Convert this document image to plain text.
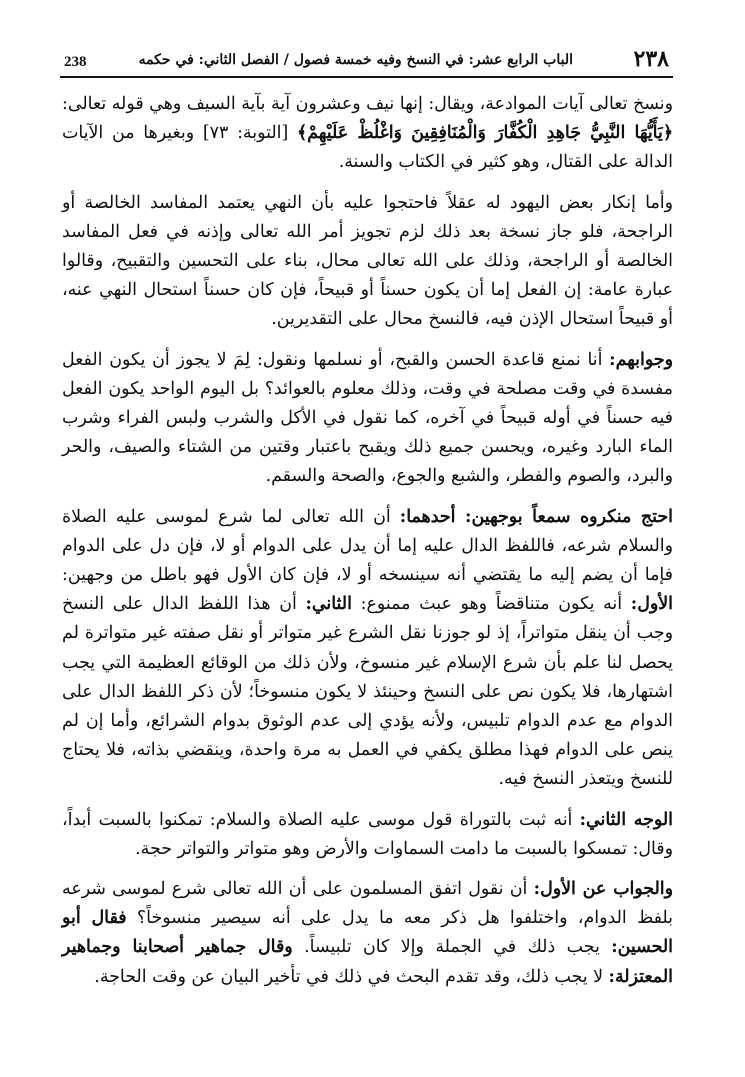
238	الباب الرابع عشر: في النسخ وفيه خمسة فصول / الفصل الثاني: في حكمه	٢٣٨

ونسخ تعالى آيات الموادعة، ويقال: إنها نيف وعشرون آية بآية السيف وهي قوله تعالى: ﴿يَأَيُّهَا النَّبِيُّ جَاهِدِ الْكُفَّارَ وَالْمُنَافِقِينَ وَاغْلُظْ عَلَيْهِمْ﴾ [التوبة: ٧٣] وبغيرها من الآيات الدالة على القتال، وهو كثير في الكتاب والسنة.

وأما إنكار بعض اليهود له عقلاً فاحتجوا عليه بأن النهي يعتمد المفاسد الخالصة أو الراجحة، فلو جاز نسخة بعد ذلك لزم تجويز أمر الله تعالى وإذنه في فعل المفاسد الخالصة أو الراجحة، وذلك على الله تعالى محال، بناء على التحسين والتقبيح، وقالوا عبارة عامة: إن الفعل إما أن يكون حسناً أو قبيحاً، فإن كان حسناً استحال النهي عنه، أو قبيحاً استحال الإذن فيه، فالنسخ محال على التقديرين.

وجوابهم: أنا نمنع قاعدة الحسن والقبح، أو نسلمها ونقول: لِمَ لا يجوز أن يكون الفعل مفسدة في وقت مصلحة في وقت، وذلك معلوم بالعوائد؟ بل اليوم الواحد يكون الفعل فيه حسناً في أوله قبيحاً في آخره، كما نقول في الأكل والشرب ولبس الفراء وشرب الماء البارد وغيره، ويحسن جميع ذلك ويقبح باعتبار وقتين من الشتاء والصيف، والحر والبرد، والصوم والفطر، والشبع والجوع، والصحة والسقم.

احتج منكروه سمعاً بوجهين: أحدهما: أن الله تعالى لما شرع لموسى عليه الصلاة والسلام شرعه، فاللفظ الدال عليه إما أن يدل على الدوام أو لا، فإن دل على الدوام فإما أن يضم إليه ما يقتضي أنه سينسخه أو لا، فإن كان الأول فهو باطل من وجهين: الأول: أنه يكون متناقضاً وهو عبث ممنوع: الثاني: أن هذا اللفظ الدال على النسخ وجب أن ينقل متواتراً، إذ لو جوزنا نقل الشرع غير متواتر أو نقل صفته غير متواترة لم يحصل لنا علم بأن شرع الإسلام غير منسوخ، ولأن ذلك من الوقائع العظيمة التي يجب اشتهارها، فلا يكون نص على النسخ وحينئذ لا يكون منسوخاً؛ لأن ذكر اللفظ الدال على الدوام مع عدم الدوام تلبيس، ولأنه يؤدي إلى عدم الوثوق بدوام الشرائع، وأما إن لم ينص على الدوام فهذا مطلق يكفي في العمل به مرة واحدة، وينقضي بذاته، فلا يحتاج للنسخ ويتعذر النسخ فيه.

الوجه الثاني: أنه ثبت بالتوراة قول موسى عليه الصلاة والسلام: تمكنوا بالسبت أبداً، وقال: تمسكوا بالسبت ما دامت السماوات والأرض وهو متواتر والتواتر حجة.

والجواب عن الأول: أن نقول اتفق المسلمون على أن الله تعالى شرع لموسى شرعه بلفظ الدوام، واختلفوا هل ذكر معه ما يدل على أنه سيصير منسوخاً؟ فقال أبو الحسين: يجب ذلك في الجملة وإلا كان تلبيساً. وقال جماهير أصحابنا وجماهير المعتزلة: لا يجب ذلك، وقد تقدم البحث في ذلك في تأخير البيان عن وقت الحاجة.
